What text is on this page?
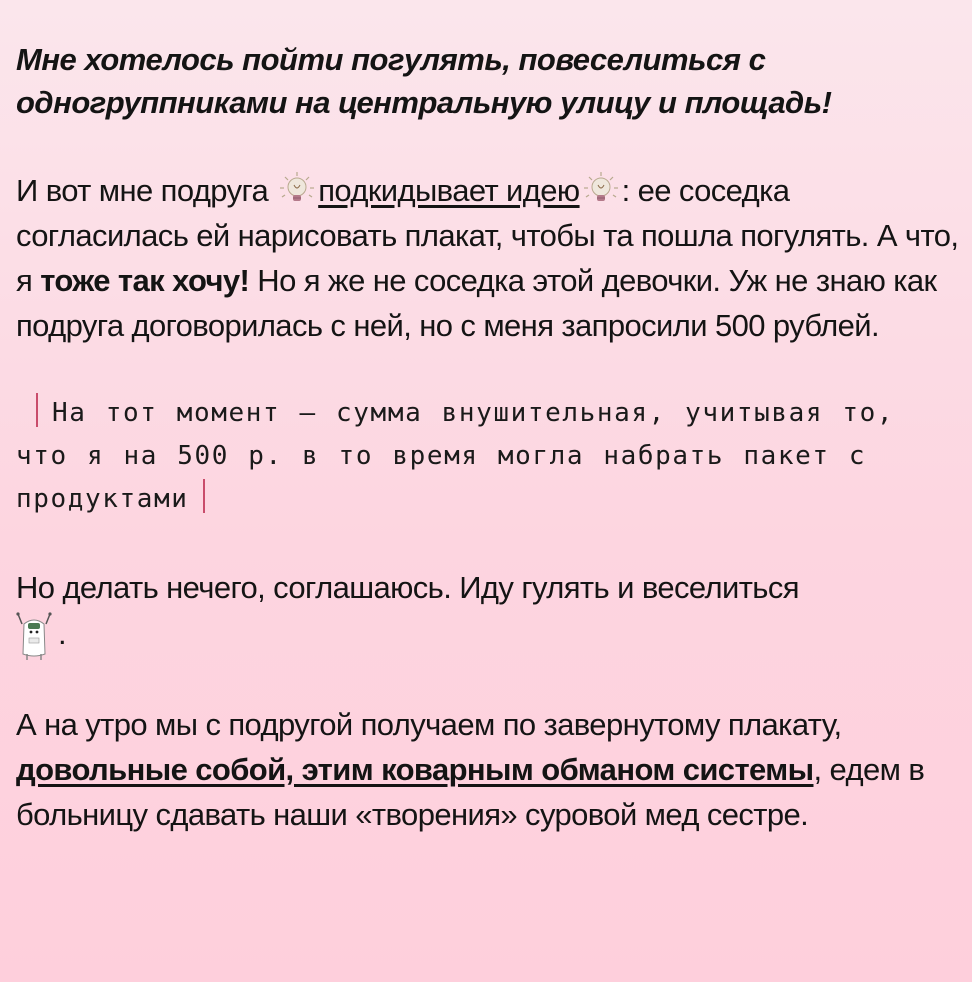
Мне хотелось пойти погулять, повеселиться с одногруппниками на центральную улицу и площадь!

И вот мне подруга
подкидывает идею : ее соседка согласилась ей нарисовать плакат, чтобы та пошла погулять. А что, я тоже так хочу! Но я же не соседка этой девочки. Уж не знаю как подруга договорилась с ней, но с меня запросили 500 рублей.

На тот момент – сумма внушительная, учитывая то, что я на 500 р. в то время могла набрать пакет с продуктами

Но делать нечего, соглашаюсь. Иду гулять и веселиться

.

А на утро мы с подругой получаем по завернутому плакату, довольные собой, этим коварным обманом системы, едем в больницу сдавать наши «творения» суровой мед сестре.
